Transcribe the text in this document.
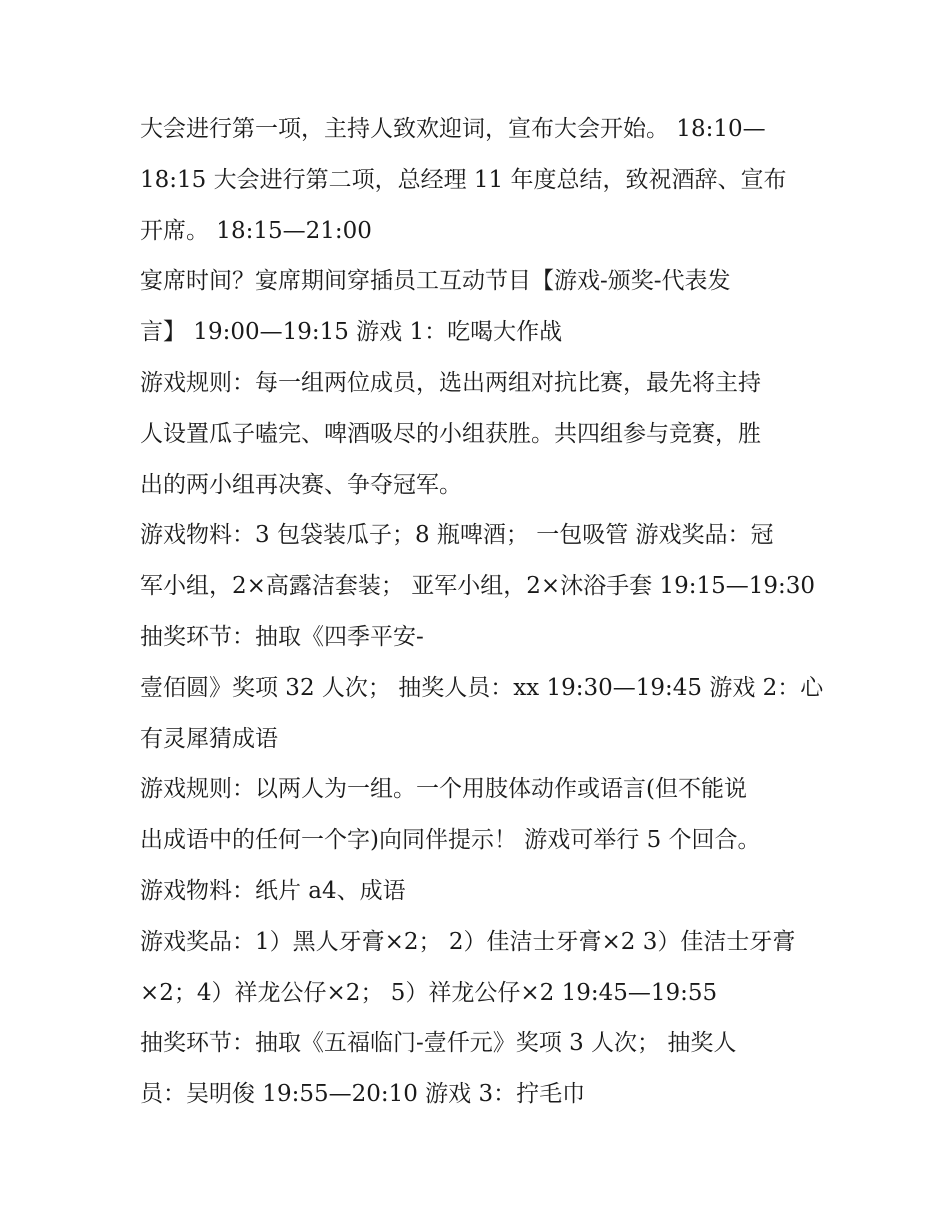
大会进行第一项，主持人致欢迎词，宣布大会开始。 18:10—
18:15 大会进行第二项，总经理 11 年度总结，致祝酒辞、宣布
开席。 18:15—21:00
宴席时间？宴席期间穿插员工互动节目【游戏-颁奖-代表发
言】 19:00—19:15 游戏 1：吃喝大作战
游戏规则：每一组两位成员，选出两组对抗比赛，最先将主持
人设置瓜子嗑完、啤酒吸尽的小组获胜。共四组参与竞赛，胜
出的两小组再决赛、争夺冠军。
游戏物料：3 包袋装瓜子；8 瓶啤酒； 一包吸管 游戏奖品：冠
军小组，2×高露洁套装； 亚军小组，2×沐浴手套 19:15—19:30
抽奖环节：抽取《四季平安-
壹佰圆》奖项 32 人次； 抽奖人员：xx 19:30—19:45 游戏 2：心
有灵犀猜成语
游戏规则：以两人为一组。一个用肢体动作或语言(但不能说
出成语中的任何一个字)向同伴提示！ 游戏可举行 5 个回合。
游戏物料：纸片 a4、成语
游戏奖品：1）黑人牙膏×2； 2）佳洁士牙膏×2 3）佳洁士牙膏
×2；4）祥龙公仔×2； 5）祥龙公仔×2 19:45—19:55
抽奖环节：抽取《五福临门-壹仟元》奖项 3 人次； 抽奖人
员：吴明俊 19:55—20:10 游戏 3：拧毛巾
